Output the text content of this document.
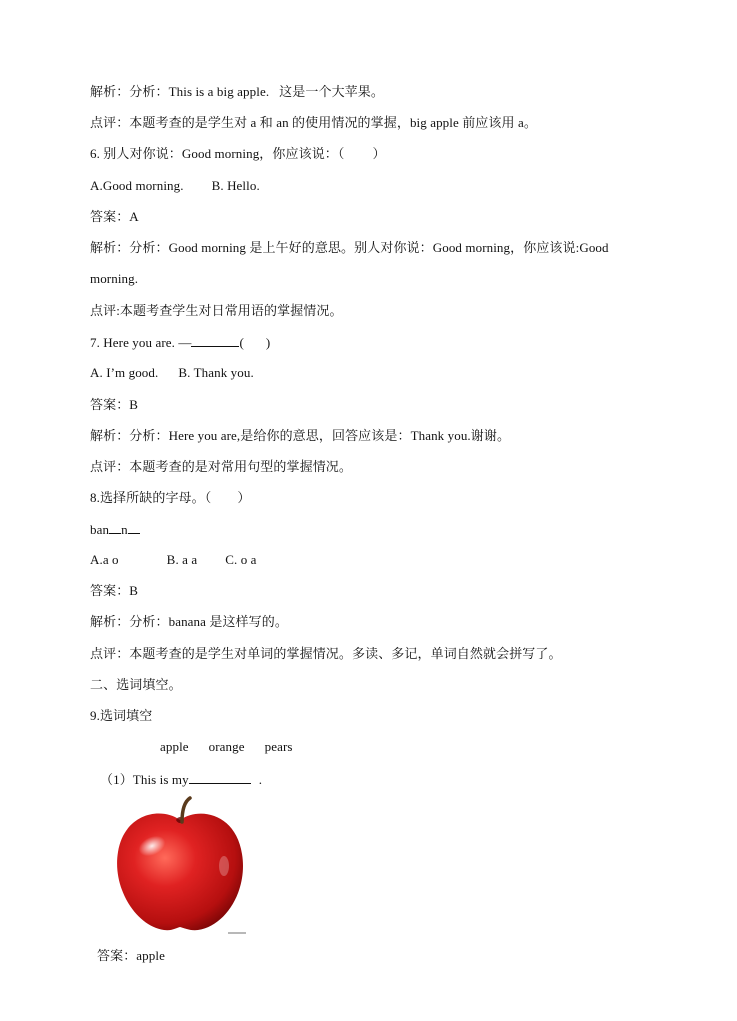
解析：分析：This is a big apple. 这是一个大苹果。
点评：本题考查的是学生对 a 和 an 的使用情况的掌握，big apple 前应该用 a。
6. 别人对你说：Good morning，你应该说：（ ）
A.Good morning. B. Hello.
答案：A
解析：分析：Good morning 是上午好的意思。别人对你说：Good morning，你应该说:Good
morning.
点评:本题考查学生对日常用语的掌握情况。
7. Here you are. —	( )
A. I’m good. B. Thank you.
答案：B
解析：分析：Here you are,是给你的意思，回答应该是：Thank you.谢谢。
点评：本题考查的是对常用句型的掌握情况。
8.选择所缺的字母。（ ）
ban n
A.a o	B. a a C. o a
答案：B
解析：分析：banana 是这样写的。
点评：本题考查的是学生对单词的掌握情况。多读、多记，单词自然就会拼写了。
二、选词填空。
9.选词填空
apple orange pears
（1）This is my	.
答案：apple
